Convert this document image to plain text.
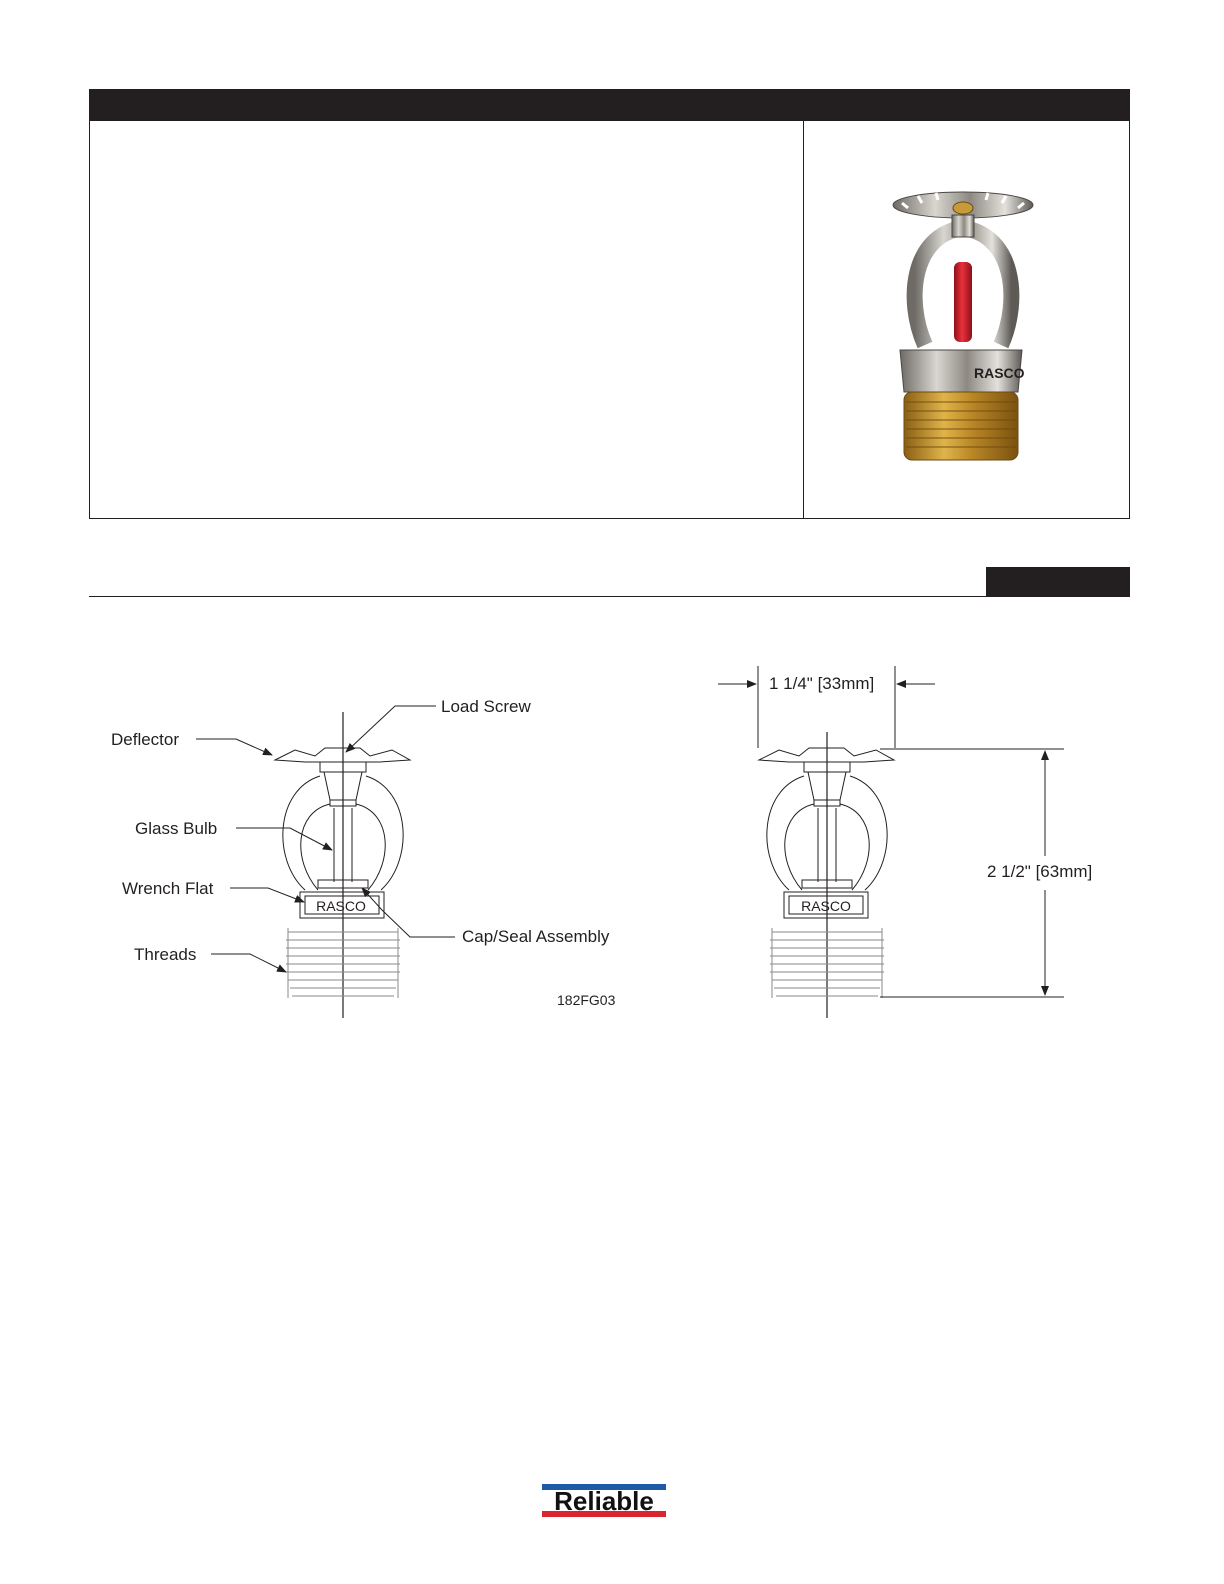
RASCO
RASCO
Load Screw
Deflector
Glass Bulb
Wrench Flat
Cap/Seal Assembly
Threads
182FG03
RASCO
1 1/4" [33mm]
2 1/2" [63mm]
Reliable
